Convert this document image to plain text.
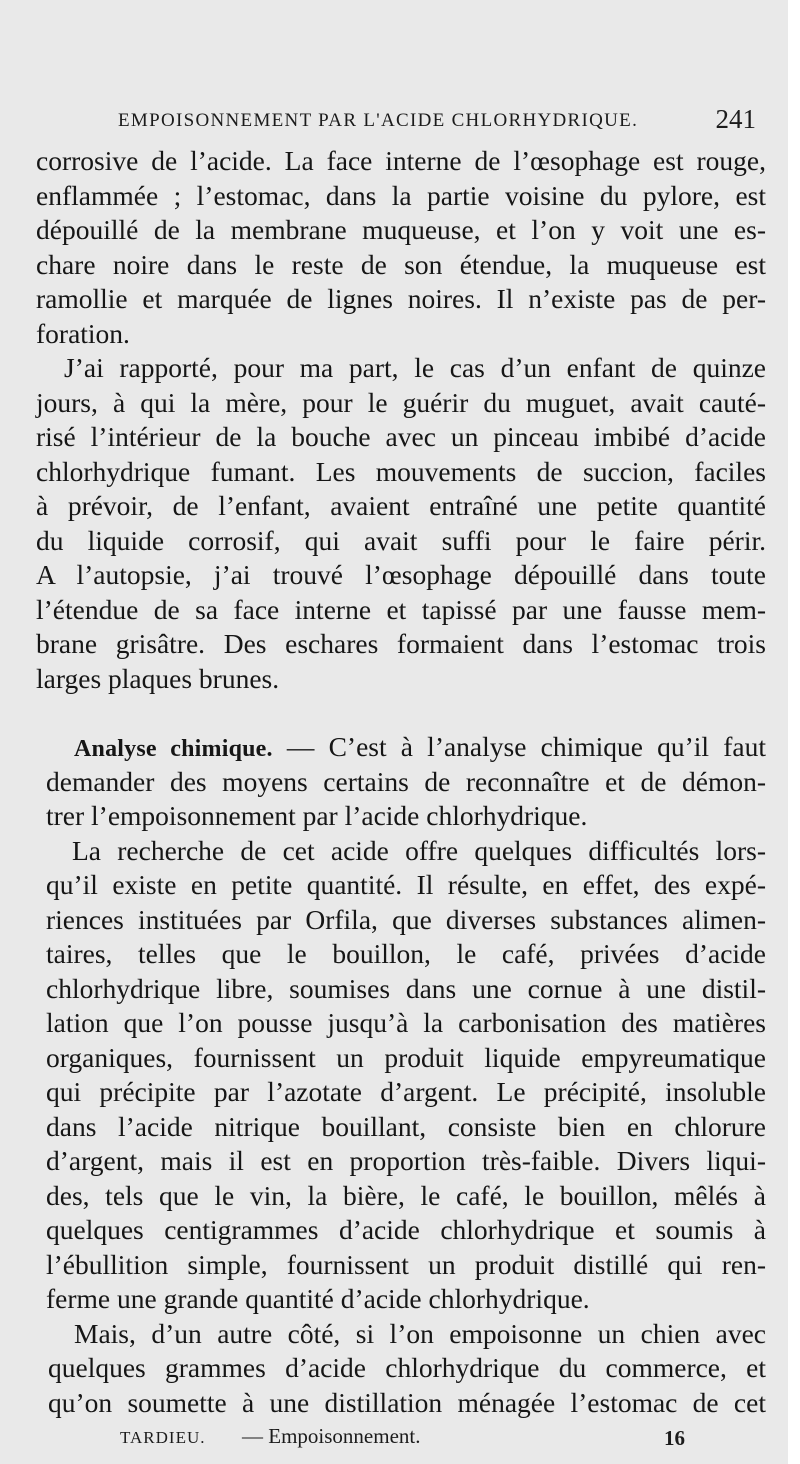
EMPOISONNEMENT PAR L'ACIDE CHLORHYDRIQUE.	241
corrosive de l’acide. La face interne de l’œsophage est rouge,
enflammée ; l’estomac, dans la partie voisine du pylore, est
dépouillé de la membrane muqueuse, et l’on y voit une es-
chare noire dans le reste de son étendue, la muqueuse est
ramollie et marquée de lignes noires. Il n’existe pas de per-
foration.
J’ai rapporté, pour ma part, le cas d’un enfant de quinze
jours, à qui la mère, pour le guérir du muguet, avait cauté-
risé l’intérieur de la bouche avec un pinceau imbibé d’acide
chlorhydrique fumant. Les mouvements de succion, faciles
à prévoir, de l’enfant, avaient entraîné une petite quantité
du liquide corrosif, qui avait suffi pour le faire périr.
A l’autopsie, j’ai trouvé l’œsophage dépouillé dans toute
l’étendue de sa face interne et tapissé par une fausse mem-
brane grisâtre. Des eschares formaient dans l’estomac trois
larges plaques brunes.
Analyse chimique. — C’est à l’analyse chimique qu’il faut
demander des moyens certains de reconnaître et de démon-
trer l’empoisonnement par l’acide chlorhydrique.
La recherche de cet acide offre quelques difficultés lors-
qu’il existe en petite quantité. Il résulte, en effet, des expé-
riences instituées par Orfila, que diverses substances alimen-
taires, telles que le bouillon, le café, privées d’acide
chlorhydrique libre, soumises dans une cornue à une distil-
lation que l’on pousse jusqu’à la carbonisation des matières
organiques, fournissent un produit liquide empyreumatique
qui précipite par l’azotate d’argent. Le précipité, insoluble
dans l’acide nitrique bouillant, consiste bien en chlorure
d’argent, mais il est en proportion très-faible. Divers liqui-
des, tels que le vin, la bière, le café, le bouillon, mêlés à
quelques centigrammes d’acide chlorhydrique et soumis à
l’ébullition simple, fournissent un produit distillé qui ren-
ferme une grande quantité d’acide chlorhydrique.
Mais, d’un autre côté, si l’on empoisonne un chien avec
quelques grammes d’acide chlorhydrique du commerce, et
qu’on soumette à une distillation ménagée l’estomac de cet
TARDIEU. — Empoisonnement.	16
